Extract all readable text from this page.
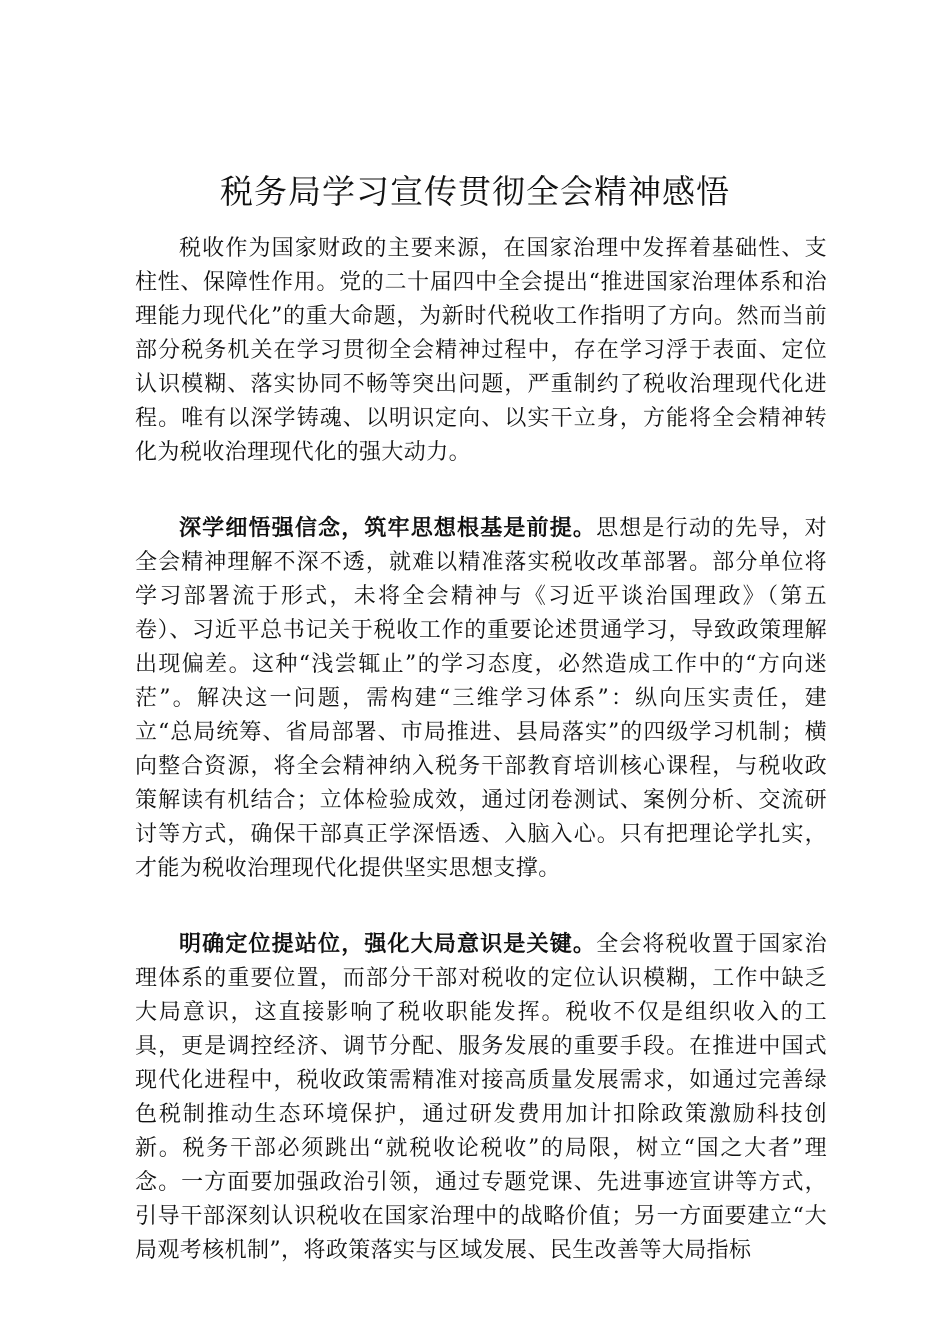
税务局学习宣传贯彻全会精神感悟

税收作为国家财政的主要来源，在国家治理中发挥着基础性、支柱性、保障性作用。党的二十届四中全会提出“推进国家治理体系和治理能力现代化”的重大命题，为新时代税收工作指明了方向。然而当前部分税务机关在学习贯彻全会精神过程中，存在学习浮于表面、定位认识模糊、落实协同不畅等突出问题，严重制约了税收治理现代化进程。唯有以深学铸魂、以明识定向、以实干立身，方能将全会精神转化为税收治理现代化的强大动力。

深学细悟强信念，筑牢思想根基是前提。思想是行动的先导，对全会精神理解不深不透，就难以精准落实税收改革部署。部分单位将学习部署流于形式，未将全会精神与《习近平谈治国理政》（第五卷）、习近平总书记关于税收工作的重要论述贯通学习，导致政策理解出现偏差。这种“浅尝辄止”的学习态度，必然造成工作中的“方向迷茫”。解决这一问题，需构建“三维学习体系”：纵向压实责任，建立“总局统筹、省局部署、市局推进、县局落实”的四级学习机制；横向整合资源，将全会精神纳入税务干部教育培训核心课程，与税收政策解读有机结合；立体检验成效，通过闭卷测试、案例分析、交流研讨等方式，确保干部真正学深悟透、入脑入心。只有把理论学扎实，才能为税收治理现代化提供坚实思想支撑。

明确定位提站位，强化大局意识是关键。全会将税收置于国家治理体系的重要位置，而部分干部对税收的定位认识模糊，工作中缺乏大局意识，这直接影响了税收职能发挥。税收不仅是组织收入的工具，更是调控经济、调节分配、服务发展的重要手段。在推进中国式现代化进程中，税收政策需精准对接高质量发展需求，如通过完善绿色税制推动生态环境保护，通过研发费用加计扣除政策激励科技创新。税务干部必须跳出“就税收论税收”的局限，树立“国之大者”理念。一方面要加强政治引领，通过专题党课、先进事迹宣讲等方式，引导干部深刻认识税收在国家治理中的战略价值；另一方面要建立“大局观考核机制”，将政策落实与区域发展、民生改善等大局指标
